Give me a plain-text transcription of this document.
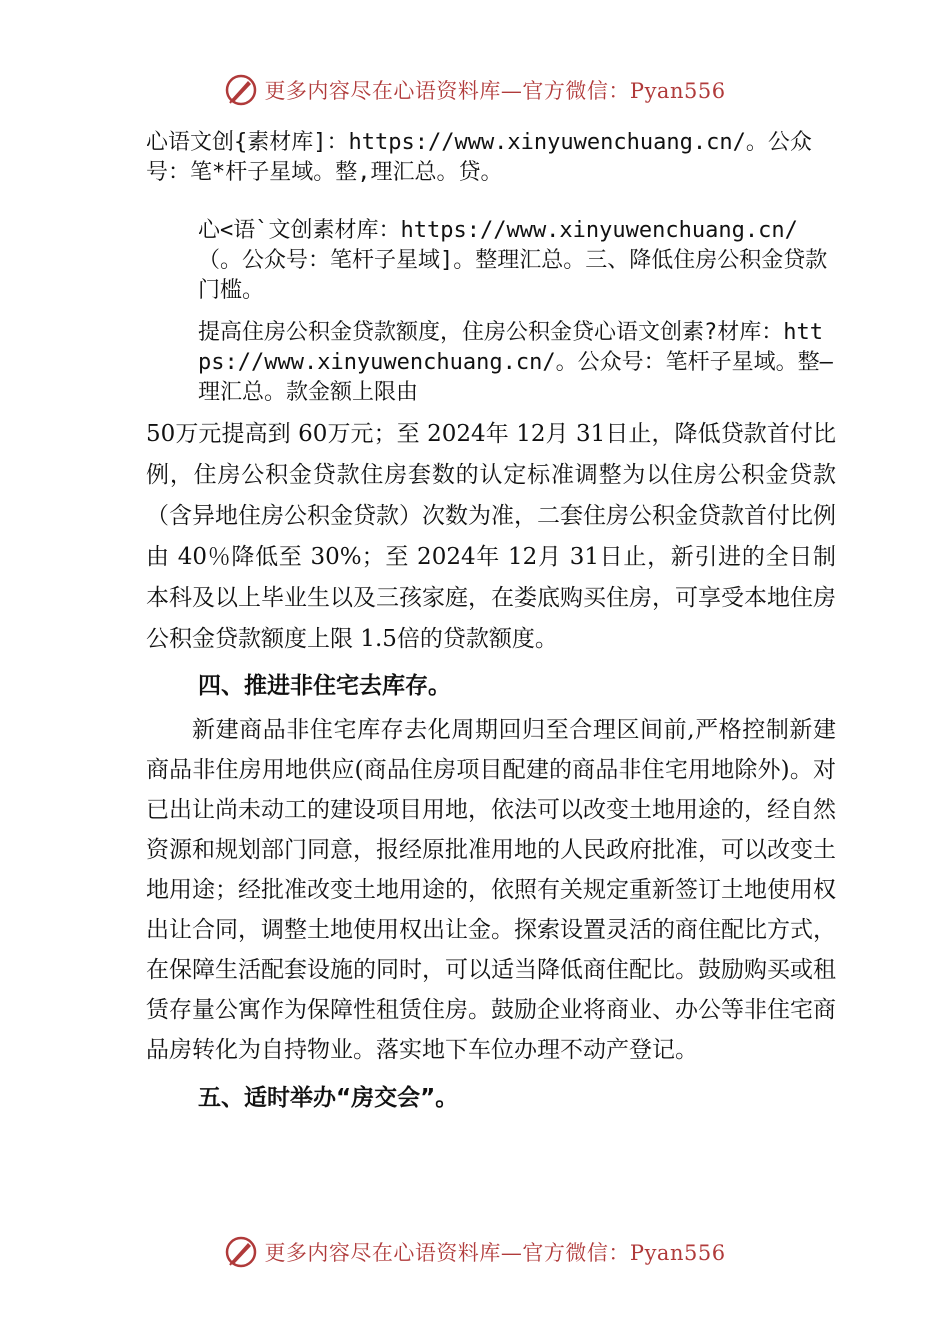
更多内容尽在心语资料库—官方微信：Pyan556

心语文创{素材库]：https://www.xinyuwenchuang.cn/。公众号：笔*杆子星域。整,理汇总。贷。

心<语`文创素材库：https://www.xinyuwenchuang.cn/（。公众号：笔杆子星域]。整理汇总。三、降低住房公积金贷款门槛。

提高住房公积金贷款额度，住房公积金贷心语文创素?材库：https://www.xinyuwenchuang.cn/。公众号：笔杆子星域。整—理汇总。款金额上限由

50万元提高到 60万元；至 2024年 12月 31日止，降低贷款首付比例，住房公积金贷款住房套数的认定标准调整为以住房公积金贷款（含异地住房公积金贷款）次数为准，二套住房公积金贷款首付比例由 40％降低至 30%；至 2024年 12月 31日止，新引进的全日制本科及以上毕业生以及三孩家庭，在娄底购买住房，可享受本地住房公积金贷款额度上限 1.5倍的贷款额度。

四、推进非住宅去库存。

新建商品非住宅库存去化周期回归至合理区间前,严格控制新建商品非住房用地供应(商品住房项目配建的商品非住宅用地除外)。对已出让尚未动工的建设项目用地，依法可以改变土地用途的，经自然资源和规划部门同意，报经原批准用地的人民政府批准，可以改变土地用途；经批准改变土地用途的，依照有关规定重新签订土地使用权出让合同，调整土地使用权出让金。探索设置灵活的商住配比方式，在保障生活配套设施的同时，可以适当降低商住配比。鼓励购买或租赁存量公寓作为保障性租赁住房。鼓励企业将商业、办公等非住宅商品房转化为自持物业。落实地下车位办理不动产登记。

五、适时举办“房交会”。

更多内容尽在心语资料库—官方微信：Pyan556
